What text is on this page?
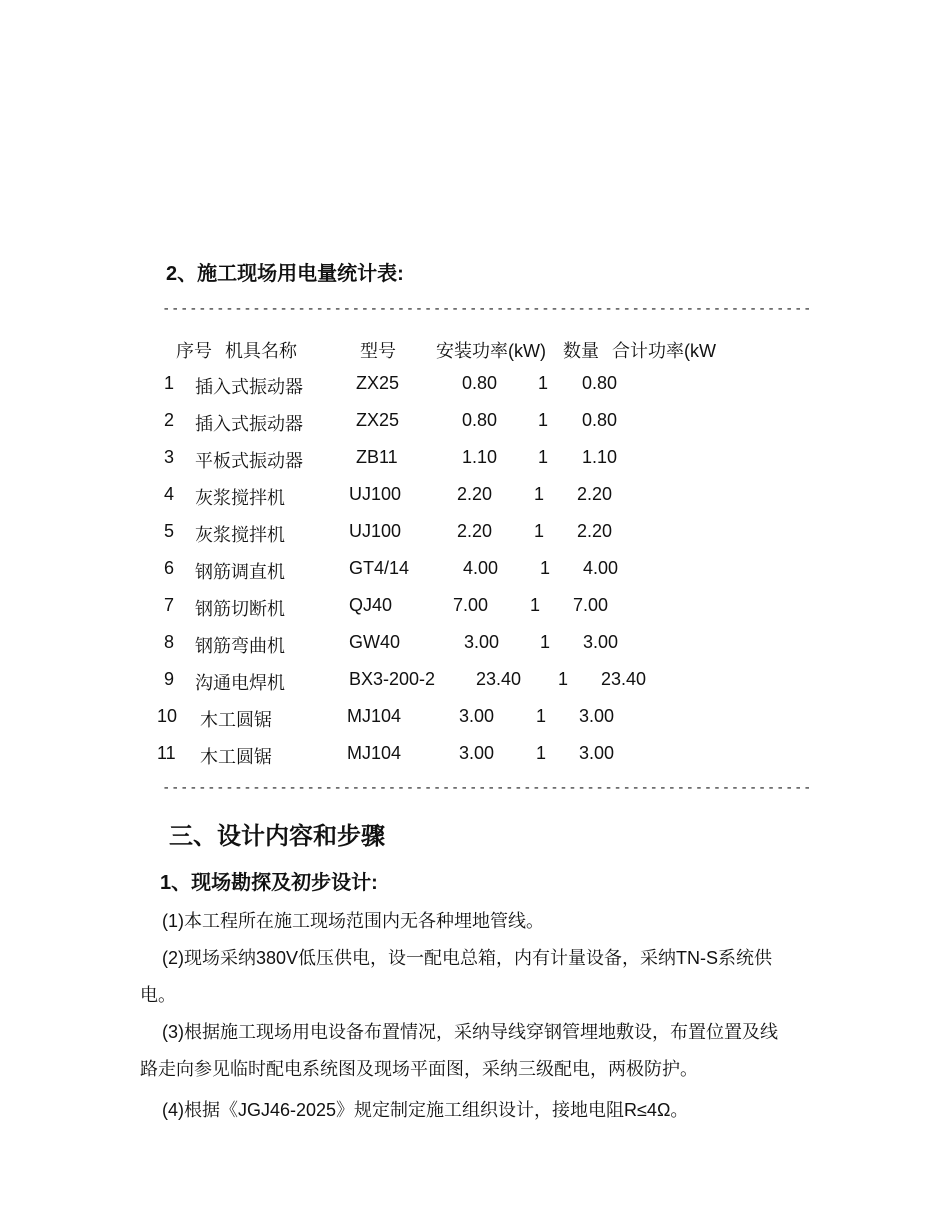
2、施工现场用电量统计表:
------------------------------------------------------------------------
序号 机具名称	型号 安装功率(kW) 数量 合计功率(kW
1 插入式振动器	ZX25	0.80 1 0.80
2 插入式振动器	ZX25	0.80 1 0.80
3 平板式振动器	ZB11	1.10 1 1.10
4 灰浆搅拌机	UJ100	2.20 1 2.20
5 灰浆搅拌机	UJ100	2.20 1 2.20
6 钢筋调直机	GT4/14	4.00 1 4.00
7 钢筋切断机	QJ40	7.00 1 7.00
8 钢筋弯曲机	GW40	3.00 1 3.00
9 沟通电焊机	BX3-200-2 23.40 1 23.40
10 木工圆锯	MJ104	3.00 1 3.00
11 木工圆锯	MJ104	3.00 1 3.00
------------------------------------------------------------------------
三、设计内容和步骤
1、现场勘探及初步设计:
(1)本工程所在施工现场范围内无各种埋地管线。
(2)现场采纳380V低压供电，设一配电总箱，内有计量设备，采纳TN-S系统供
电。
(3)根据施工现场用电设备布置情况，采纳导线穿钢管埋地敷设，布置位置及线
路走向参见临时配电系统图及现场平面图，采纳三级配电，两极防护。
(4)根据《JGJ46-2025》规定制定施工组织设计，接地电阻R≤4Ω。
